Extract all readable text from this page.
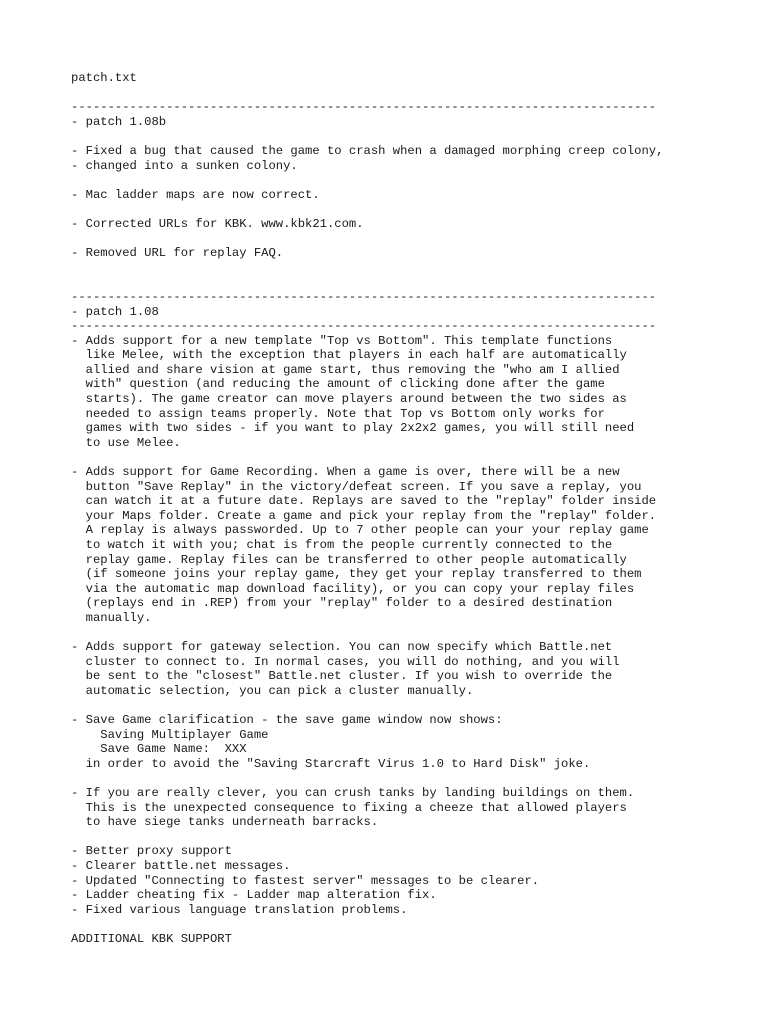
patch.txt
--------------------------------------------------------------------------------
- patch 1.08b
- Fixed a bug that caused the game to crash when a damaged morphing creep colony,
- changed into a sunken colony.
- Mac ladder maps are now correct.
- Corrected URLs for KBK. www.kbk21.com.
- Removed URL for replay FAQ.
--------------------------------------------------------------------------------
- patch 1.08
--------------------------------------------------------------------------------
- Adds support for a new template "Top vs Bottom". This template functions
like Melee, with the exception that players in each half are automatically
allied and share vision at game start, thus removing the "who am I allied
with" question (and reducing the amount of clicking done after the game
starts). The game creator can move players around between the two sides as
needed to assign teams properly. Note that Top vs Bottom only works for
games with two sides - if you want to play 2x2x2 games, you will still need
to use Melee.
- Adds support for Game Recording. When a game is over, there will be a new
button "Save Replay" in the victory/defeat screen. If you save a replay, you
can watch it at a future date. Replays are saved to the "replay" folder inside
your Maps folder. Create a game and pick your replay from the "replay" folder.
A replay is always passworded. Up to 7 other people can your your replay game
to watch it with you; chat is from the people currently connected to the
replay game. Replay files can be transferred to other people automatically
(if someone joins your replay game, they get your replay transferred to them
via the automatic map download facility), or you can copy your replay files
(replays end in .REP) from your "replay" folder to a desired destination
manually.
- Adds support for gateway selection. You can now specify which Battle.net
cluster to connect to. In normal cases, you will do nothing, and you will
be sent to the "closest" Battle.net cluster. If you wish to override the
automatic selection, you can pick a cluster manually.
- Save Game clarification - the save game window now shows:
Saving Multiplayer Game
Save Game Name:  XXX
in order to avoid the "Saving Starcraft Virus 1.0 to Hard Disk" joke.
- If you are really clever, you can crush tanks by landing buildings on them.
This is the unexpected consequence to fixing a cheeze that allowed players
to have siege tanks underneath barracks.
- Better proxy support
- Clearer battle.net messages.
- Updated "Connecting to fastest server" messages to be clearer.
- Ladder cheating fix - Ladder map alteration fix.
- Fixed various language translation problems.
ADDITIONAL KBK SUPPORT
